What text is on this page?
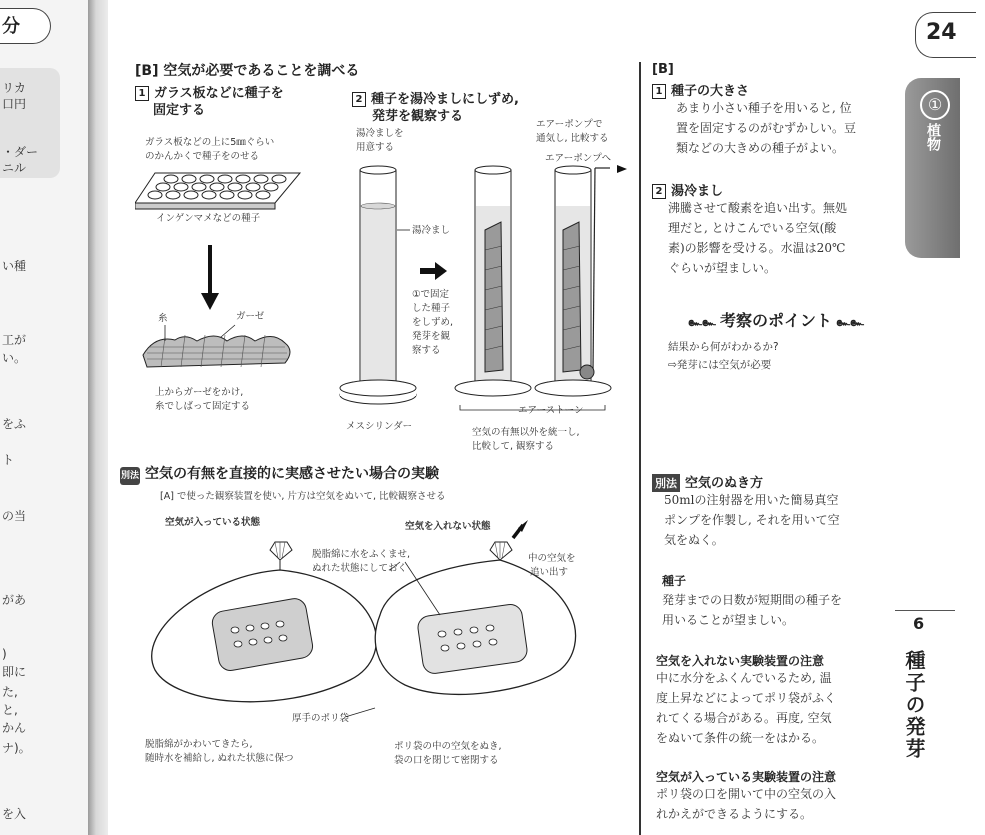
分
リカ
口円
・ダー
ニル
い種
工が
い。
をふ
ト
の当
があ
)
即に
た,
と,
かん
ナ)。
を入
24
①
植物
6
種子の発芽
[B] 空気が必要であることを調べる
1 ガラス板などに種子を
固定する
ガラス板などの上に5㎜ぐらい
のかんかくで種子をのせる
インゲンマメなどの種子
糸	ガーゼ
上からガーゼをかけ,
糸でしばって固定する
2 種子を湯冷ましにしずめ,
発芽を観察する
湯冷ましを
用意する
エアーポンプで
通気し, 比較する
エアーポンプへ
湯冷まし
①で固定
した種子
をしずめ,
発芽を観
察する
エアーストーン
メスシリンダー
空気の有無以外を統一し,
比較して, 観察する
別法 空気の有無を直接的に実感させたい場合の実験
[A] で使った観察装置を使い, 片方は空気をぬいて, 比較観察させる
空気が入っている状態	空気を入れない状態
脱脂綿に水をふくませ,
ぬれた状態にしておく
中の空気を
追い出す
厚手のポリ袋
脱脂綿がかわいてきたら,
随時水を補給し, ぬれた状態に保つ
ポリ袋の中の空気をぬき,
袋の口を閉じて密閉する
[B]
1 種子の大きさ
あまり小さい種子を用いると, 位
置を固定するのがむずかしい。豆
類などの大きめの種子がよい。
2 湯冷まし
沸騰させて酸素を追い出す。無処
理だと, とけこんでいる空気(酸
素)の影響を受ける。水温は20℃
ぐらいが望ましい。
๛๛ 考察のポイント ๛๛
結果から何がわかるか?
⇨発芽には空気が必要
別法 空気のぬき方
50mlの注射器を用いた簡易真空
ポンプを作製し, それを用いて空
気をぬく。
種子
発芽までの日数が短期間の種子を
用いることが望ましい。
空気を入れない実験装置の注意
中に水分をふくんでいるため, 温
度上昇などによってポリ袋がふく
れてくる場合がある。再度, 空気
をぬいて条件の統一をはかる。
空気が入っている実験装置の注意
ポリ袋の口を開いて中の空気の入
れかえができるようにする。
